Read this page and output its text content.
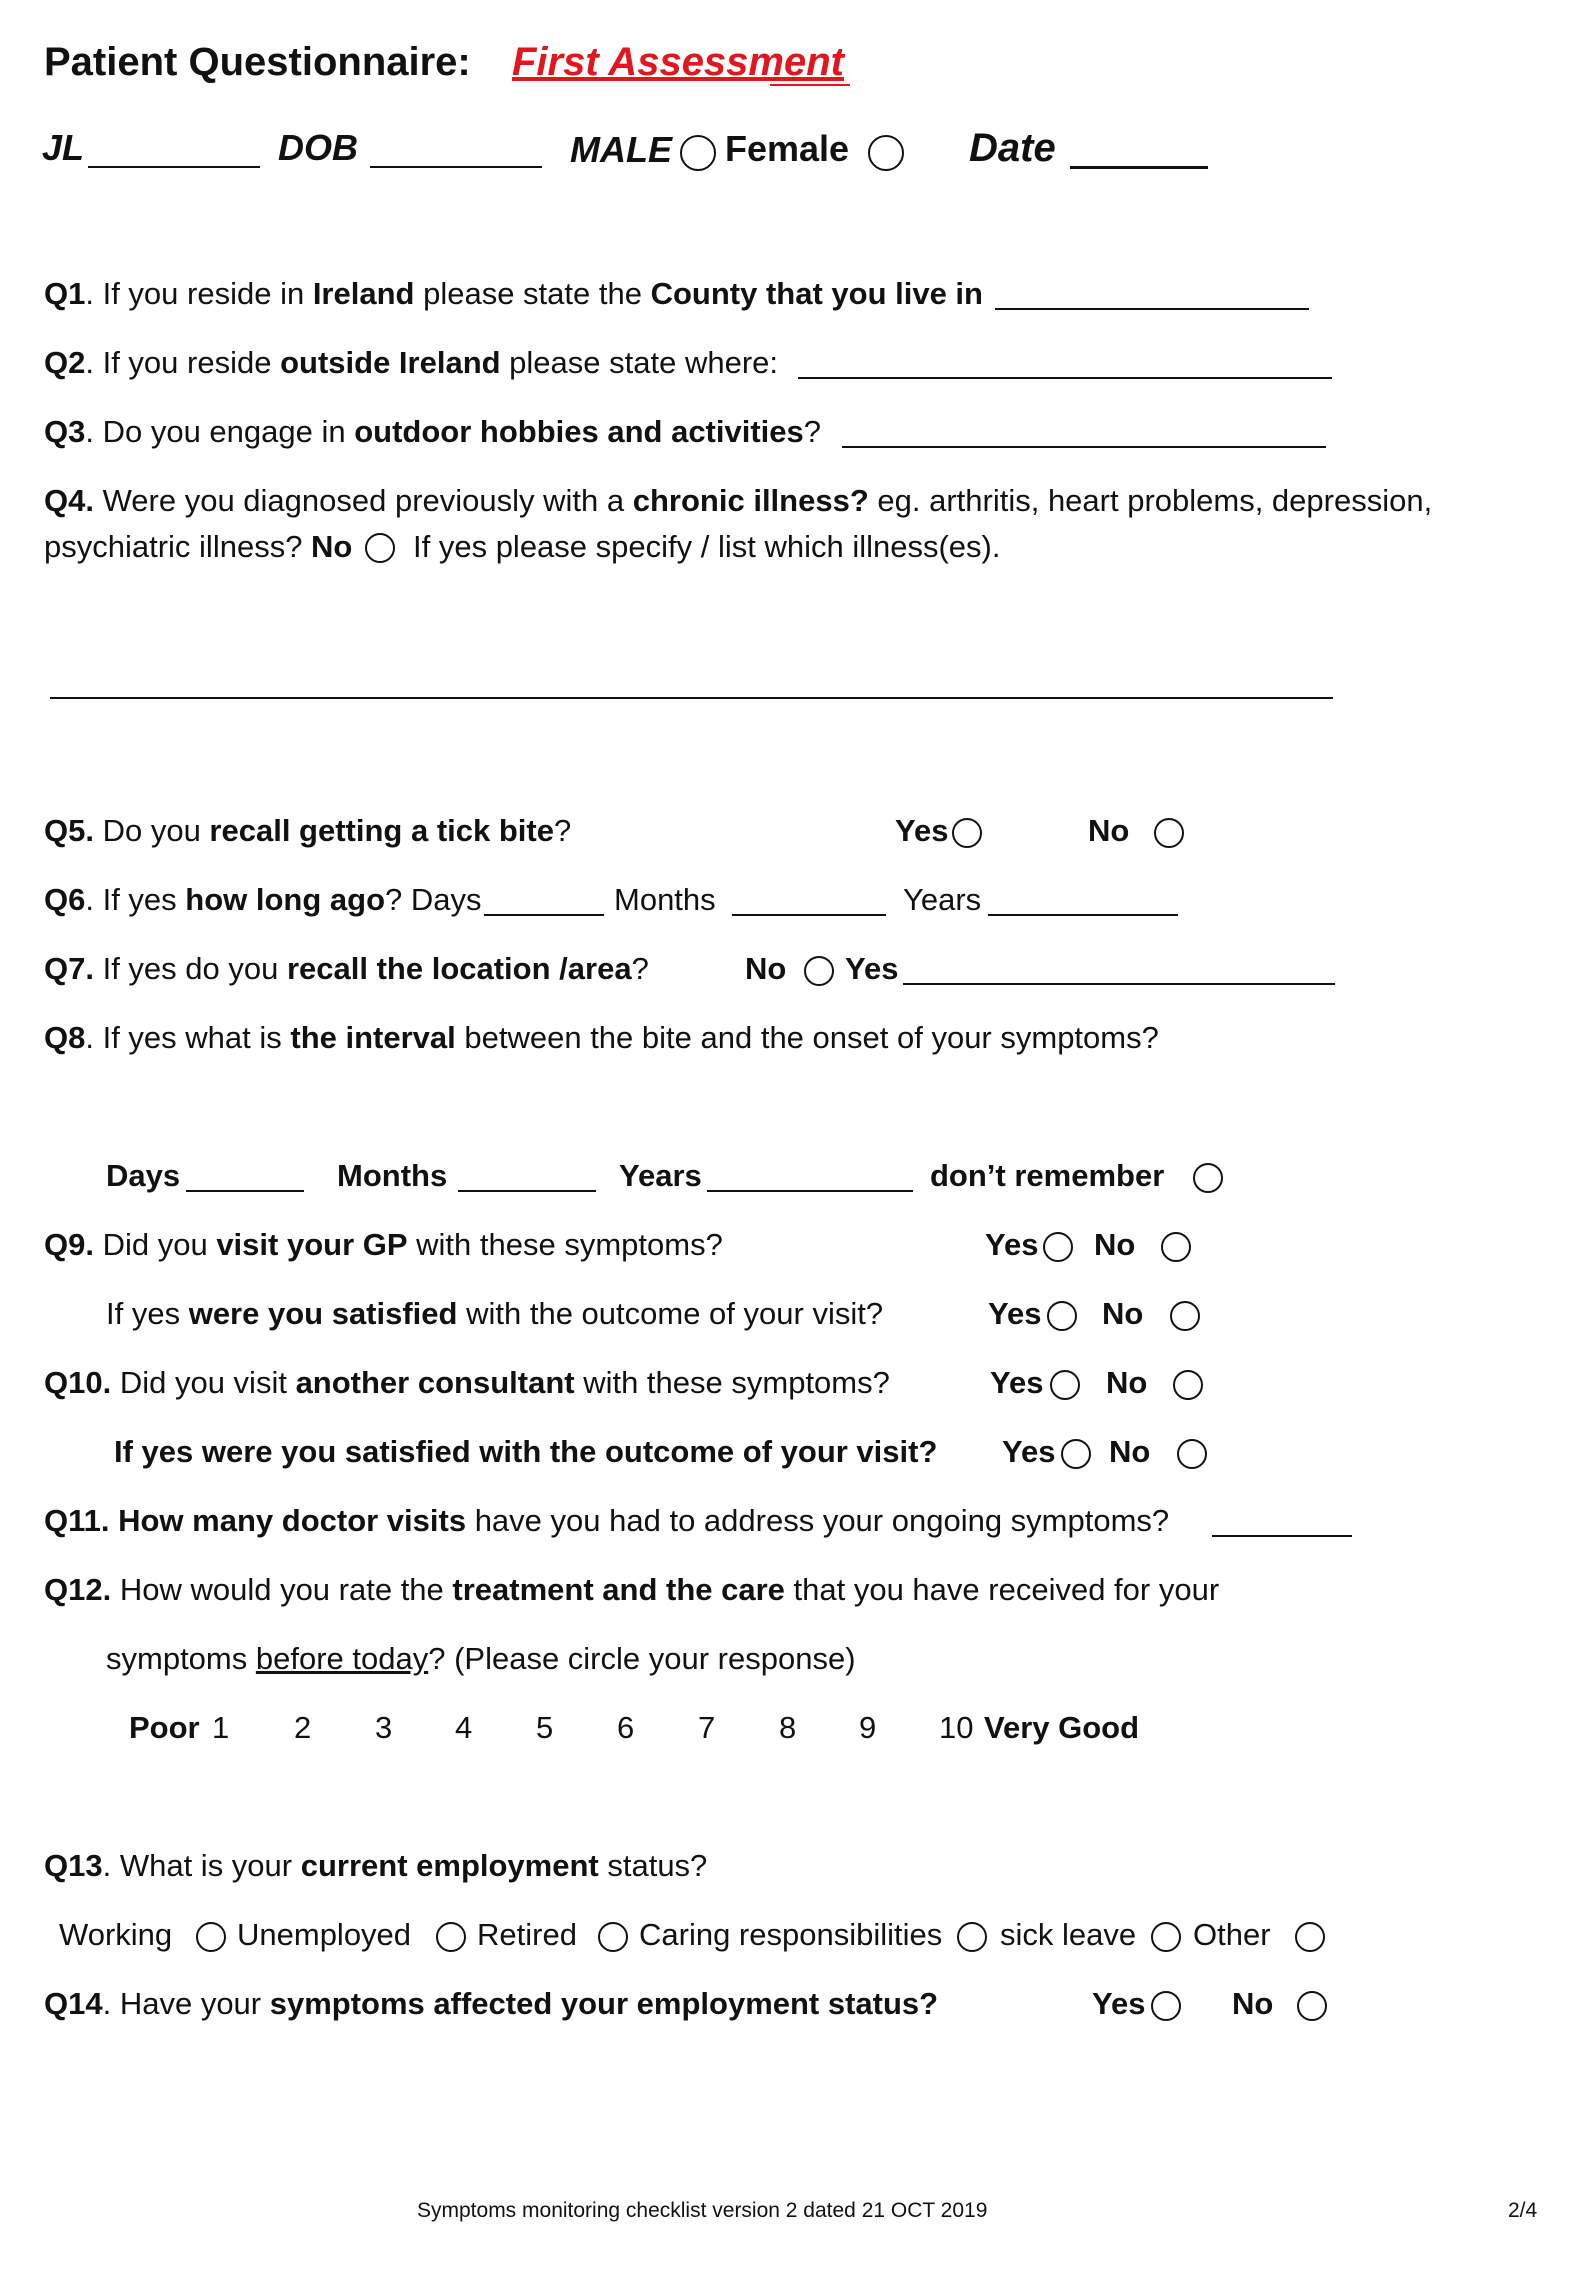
Patient Questionnaire: First Assessment
JL	DOB	MALE Female	Date
Q1. If you reside in Ireland please state the County that you live in
Q2. If you reside outside Ireland please state where:
Q3. Do you engage in outdoor hobbies and activities?
Q4. Were you diagnosed previously with a chronic illness? eg. arthritis, heart problems, depression,
psychiatric illness? No If yes please specify / list which illness(es).
Q5. Do you recall getting a tick bite?	Yes	No
Q6. If yes how long ago? Days	Months	Years
Q7. If yes do you recall the location /area?	No Yes
Q8. If yes what is the interval between the bite and the onset of your symptoms?
Days	Months	Years	don’t remember
Q9. Did you visit your GP with these symptoms?	Yes No
If yes were you satisfied with the outcome of your visit?	Yes No
Q10. Did you visit another consultant with these symptoms?	Yes No
If yes were you satisfied with the outcome of your visit? Yes No
Q11. How many doctor visits have you had to address your ongoing symptoms?
Q12. How would you rate the treatment and the care that you have received for your
symptoms before today? (Please circle your response)
Poor 1 2 3 4 5 6 7 8 9 10 Very Good
Q13. What is your current employment status?
Working Unemployed Retired Caring responsibilities sick leave Other
Q14. Have your symptoms affected your employment status?	Yes	No
Symptoms monitoring checklist version 2 dated 21 OCT 2019	2/4
